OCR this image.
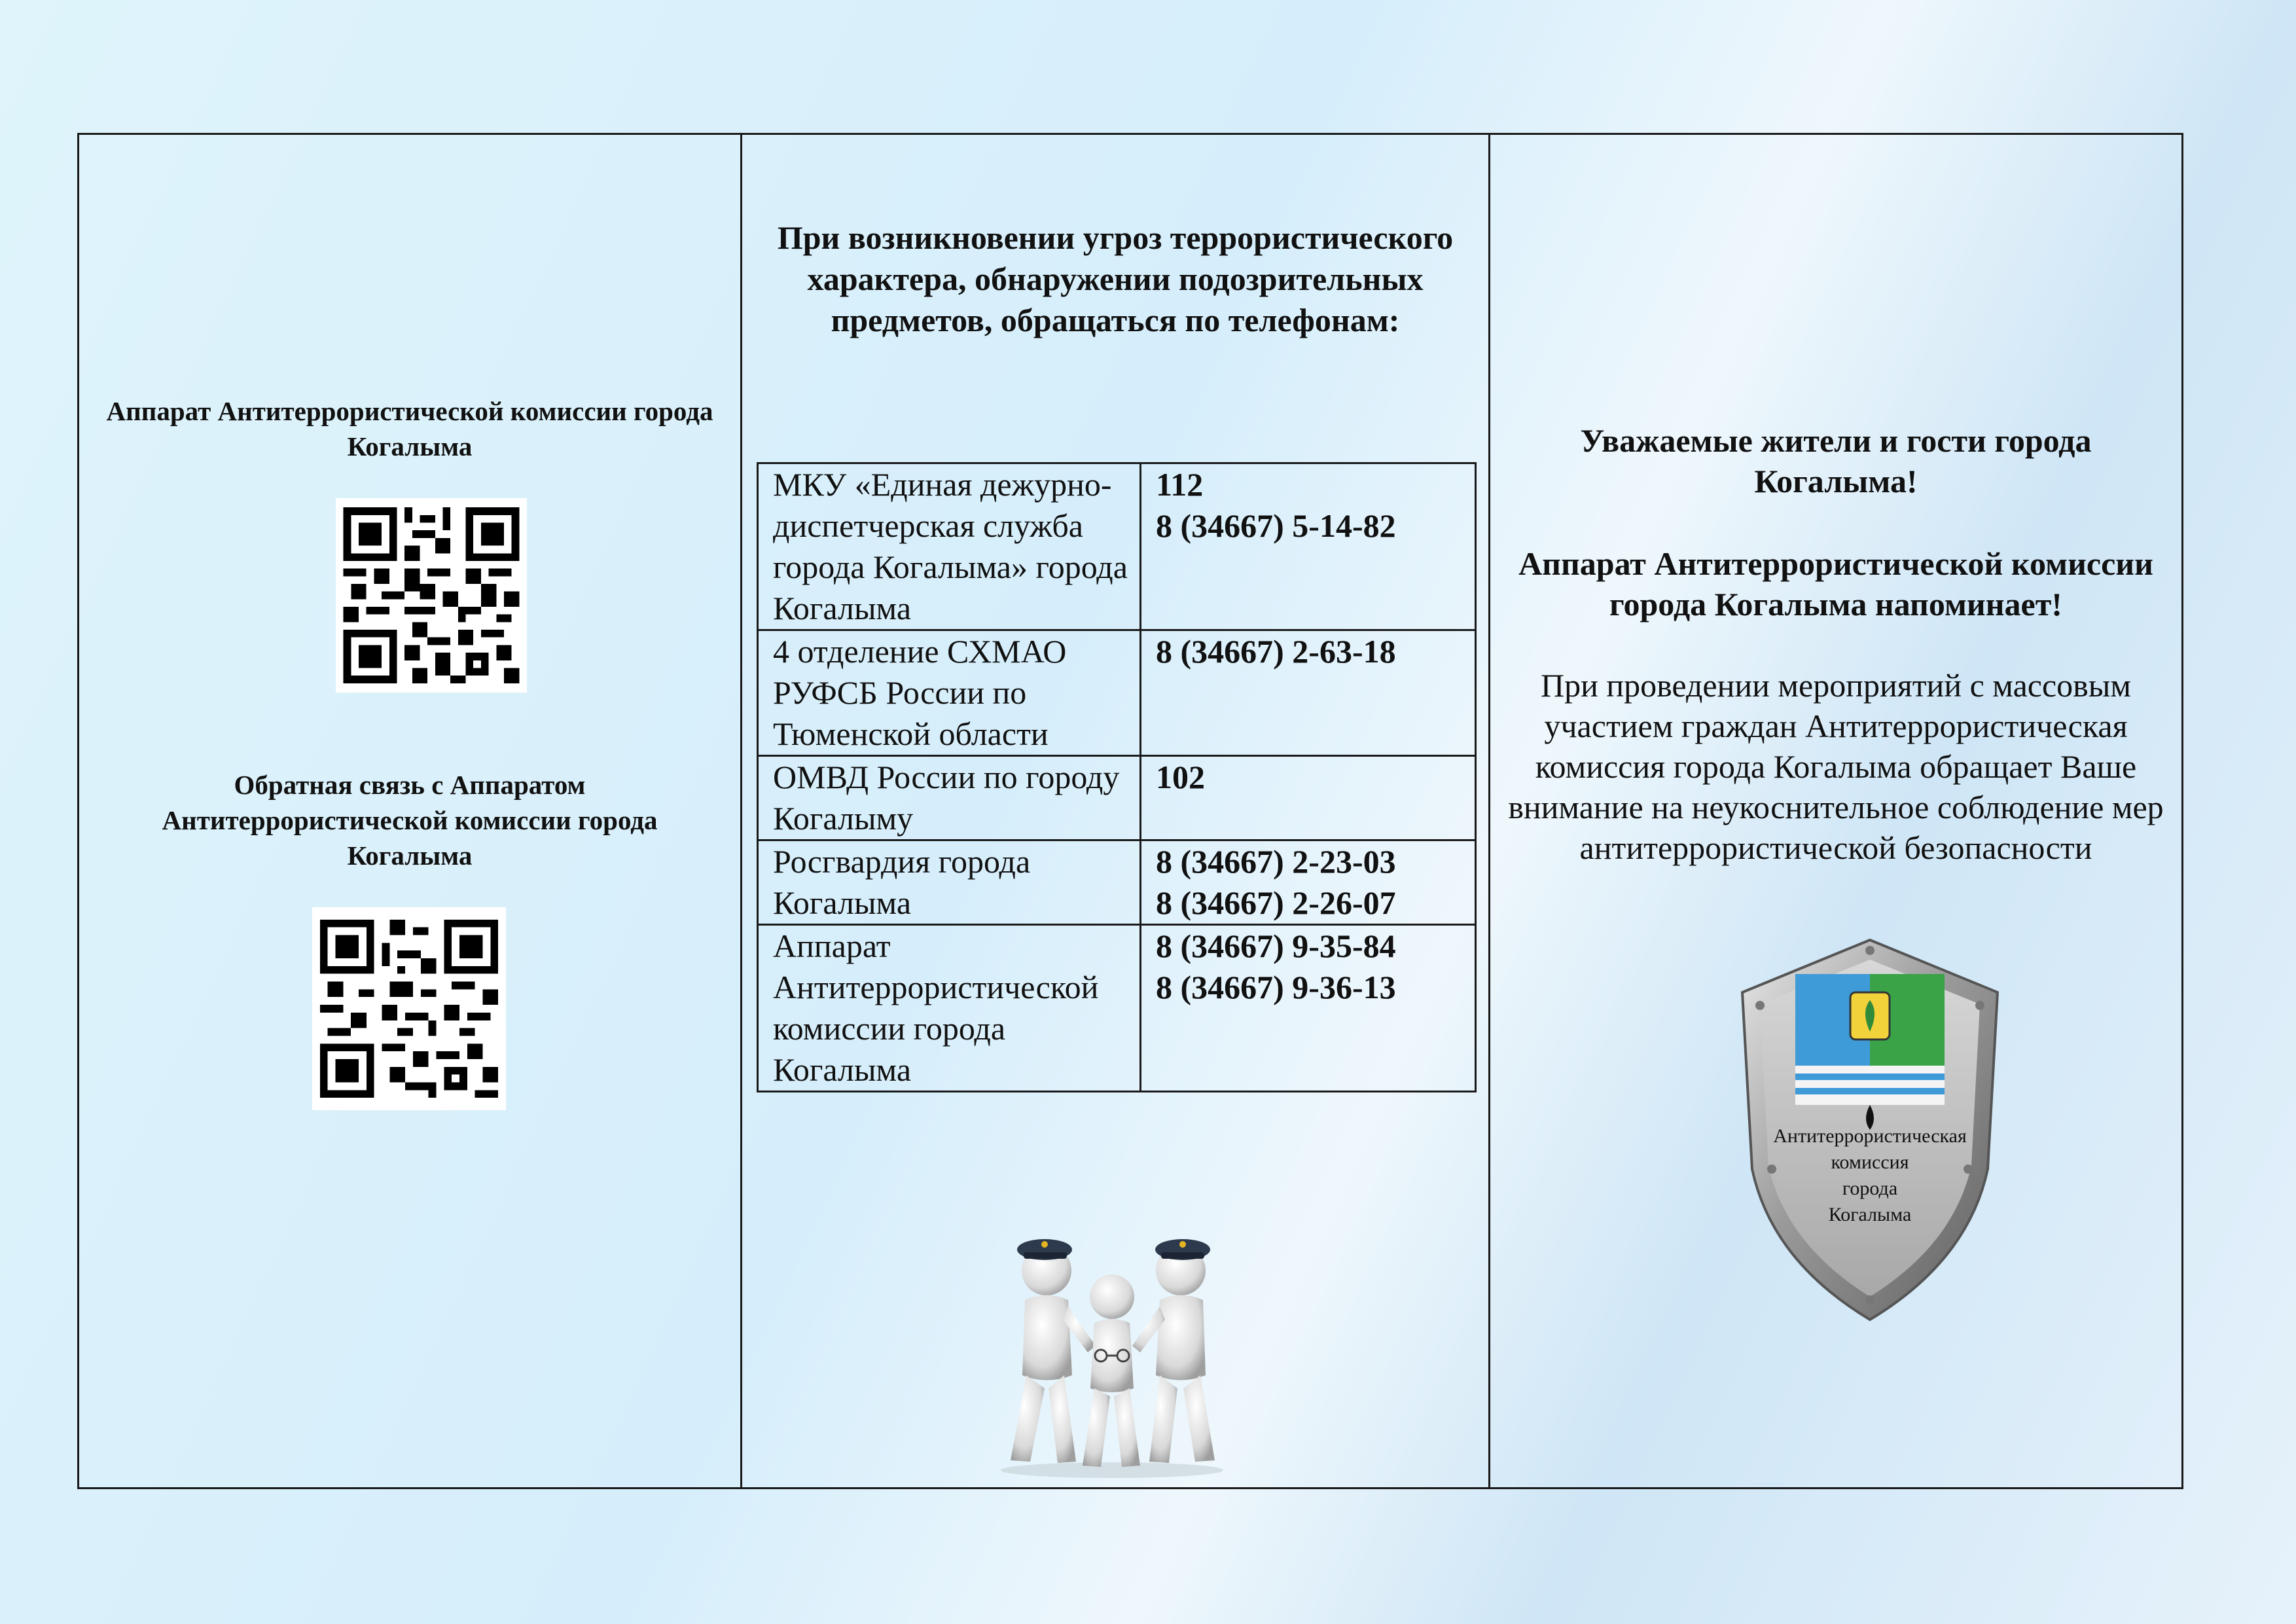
Аппарат Антитеррористической комиссии города Когалыма
Обратная связь с Аппаратом Антитеррористической комиссии города Когалыма
При возникновении угроз террористического характера, обнаружении подозрительных предметов, обращаться по телефонам:
МКУ «Единая дежурно-диспетчерская служба города Когалыма» города Когалыма	112
8 (34667) 5-14-82

4 отделение СХМАО РУФСБ России по Тюменской области	8 (34667) 2-63-18

ОМВД России по городу Когалыму	102

Росгвардия города Когалыма	8 (34667) 2-23-03
8 (34667) 2-26-07

Аппарат Антитеррористической комиссии города Когалыма	8 (34667) 9-35-84
8 (34667) 9-36-13
Уважаемые жители и гости города Когалыма!
Аппарат Антитеррористической комиссии города Когалыма напоминает!
При проведении мероприятий с массовым участием граждан Антитеррористическая комиссия города Когалыма обращает Ваше внимание на неукоснительное соблюдение мер антитеррористической безопасности
Антитеррористическая
комиссия
города
Когалыма
